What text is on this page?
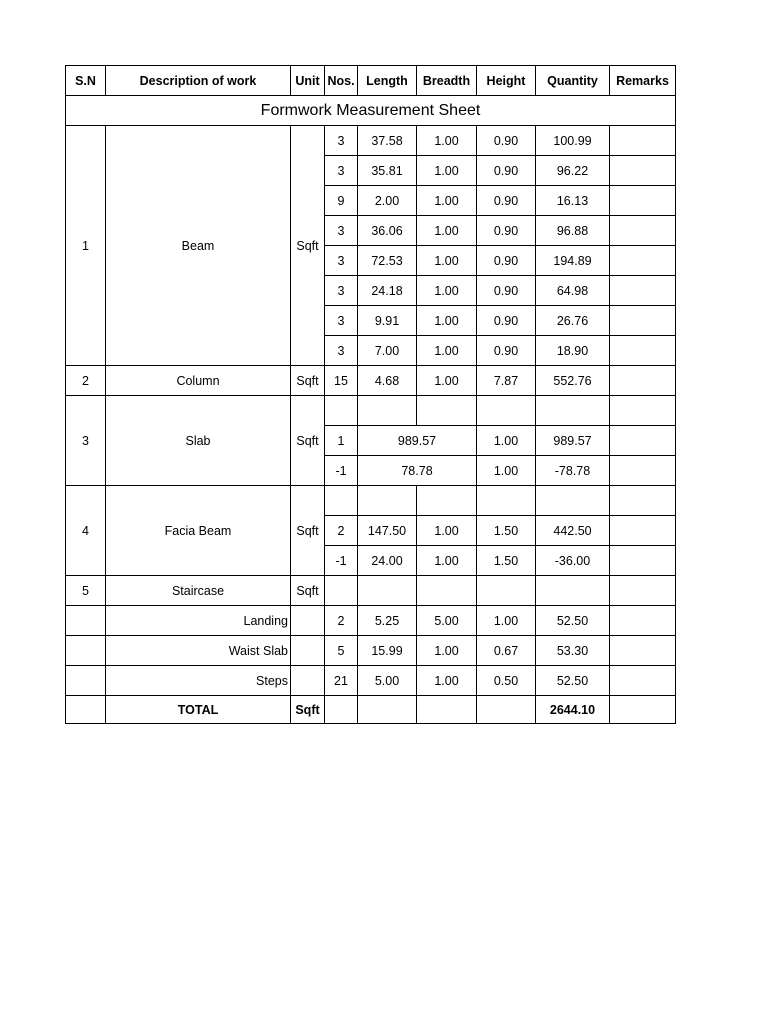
S.N	Description of work	Unit	Nos.	Length	Breadth	Height	Quantity	Remarks
Formwork Measurement Sheet								
1	Beam	Sqft	3	37.58	1.00	0.90	100.99	
			3	35.81	1.00	0.90	96.22	
			9	2.00	1.00	0.90	16.13	
			3	36.06	1.00	0.90	96.88	
			3	72.53	1.00	0.90	194.89	
			3	24.18	1.00	0.90	64.98	
			3	9.91	1.00	0.90	26.76	
			3	7.00	1.00	0.90	18.90	
2	Column	Sqft	15	4.68	1.00	7.87	552.76	
3	Slab	Sqft						
			1	989.57		1.00	989.57	
			-1	78.78		1.00	-78.78	
4	Facia Beam	Sqft						
			2	147.50	1.00	1.50	442.50	
			-1	24.00	1.00	1.50	-36.00	
5	Staircase	Sqft						
	Landing		2	5.25	5.00	1.00	52.50	
	Waist Slab		5	15.99	1.00	0.67	53.30	
	Steps		21	5.00	1.00	0.50	52.50	
	TOTAL	Sqft					2644.10	
